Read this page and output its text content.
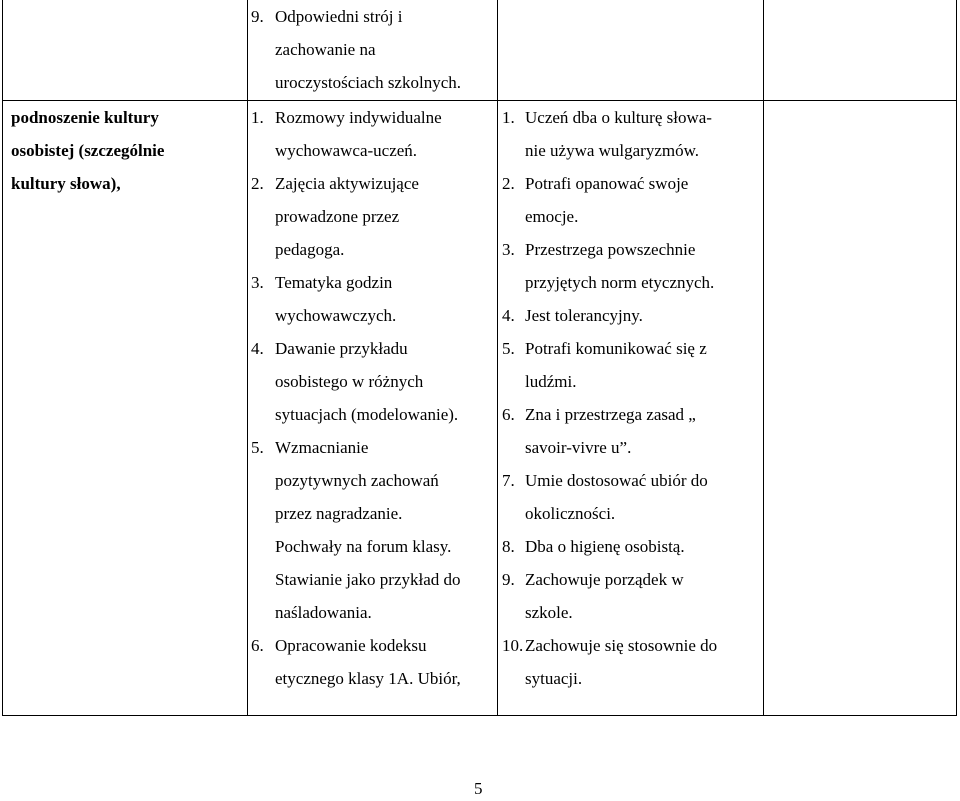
podnoszenie kultury
osobistej (szczególnie
kultury słowa),
9. Odpowiedni strój i
zachowanie na
uroczystościach szkolnych.
1. Rozmowy indywidualne
wychowawca-uczeń.
2. Zajęcia aktywizujące
prowadzone przez
pedagoga.
3. Tematyka godzin
wychowawczych.
4. Dawanie przykładu
osobistego w różnych
sytuacjach (modelowanie).
5. Wzmacnianie
pozytywnych zachowań
przez nagradzanie.
Pochwały na forum klasy.
Stawianie jako przykład do
naśladowania.
6. Opracowanie kodeksu
etycznego klasy 1A. Ubiór,
1. Uczeń dba o kulturę słowa-
nie używa wulgaryzmów.
2. Potrafi opanować swoje
emocje.
3. Przestrzega powszechnie
przyjętych norm etycznych.
4. Jest tolerancyjny.
5. Potrafi komunikować się z
ludźmi.
6. Zna i przestrzega zasad „
savoir-vivre u”.
7. Umie dostosować ubiór do
okoliczności.
8. Dba o higienę osobistą.
9. Zachowuje porządek w
szkole.
10. Zachowuje się stosownie do
sytuacji.
5
